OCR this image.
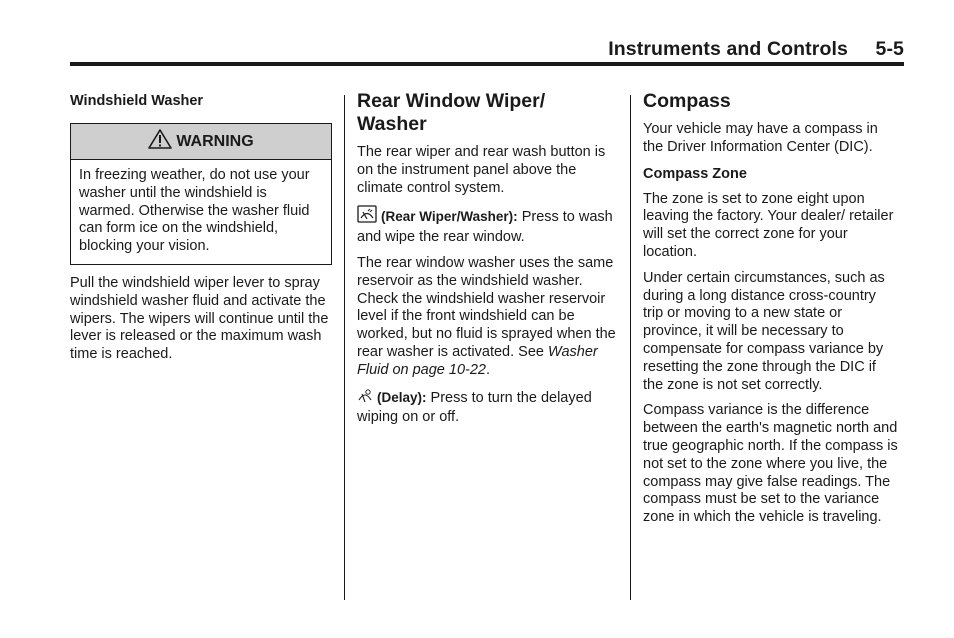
Instruments and Controls     5-5
Windshield Washer
WARNING

In freezing weather, do not use your washer until the windshield is warmed. Otherwise the washer fluid can form ice on the windshield, blocking your vision.

Pull the windshield wiper lever to spray windshield washer fluid and activate the wipers. The wipers will continue until the lever is released or the maximum wash time is reached.

Rear Window Wiper/ Washer

The rear wiper and rear wash button is on the instrument panel above the climate control system.

(Rear Wiper/Washer): Press to wash and wipe the rear window.

The rear window washer uses the same reservoir as the windshield washer. Check the windshield washer reservoir level if the front windshield can be worked, but no fluid is sprayed when the rear washer is activated. See Washer Fluid on page 10‑22.

(Delay): Press to turn the delayed wiping on or off.

Compass

Your vehicle may have a compass in the Driver Information Center (DIC).

Compass Zone

The zone is set to zone eight upon leaving the factory. Your dealer/ retailer will set the correct zone for your location.

Under certain circumstances, such as during a long distance cross-country trip or moving to a new state or province, it will be necessary to compensate for compass variance by resetting the zone through the DIC if the zone is not set correctly.

Compass variance is the difference between the earth's magnetic north and true geographic north. If the compass is not set to the zone where you live, the compass may give false readings. The compass must be set to the variance zone in which the vehicle is traveling.
